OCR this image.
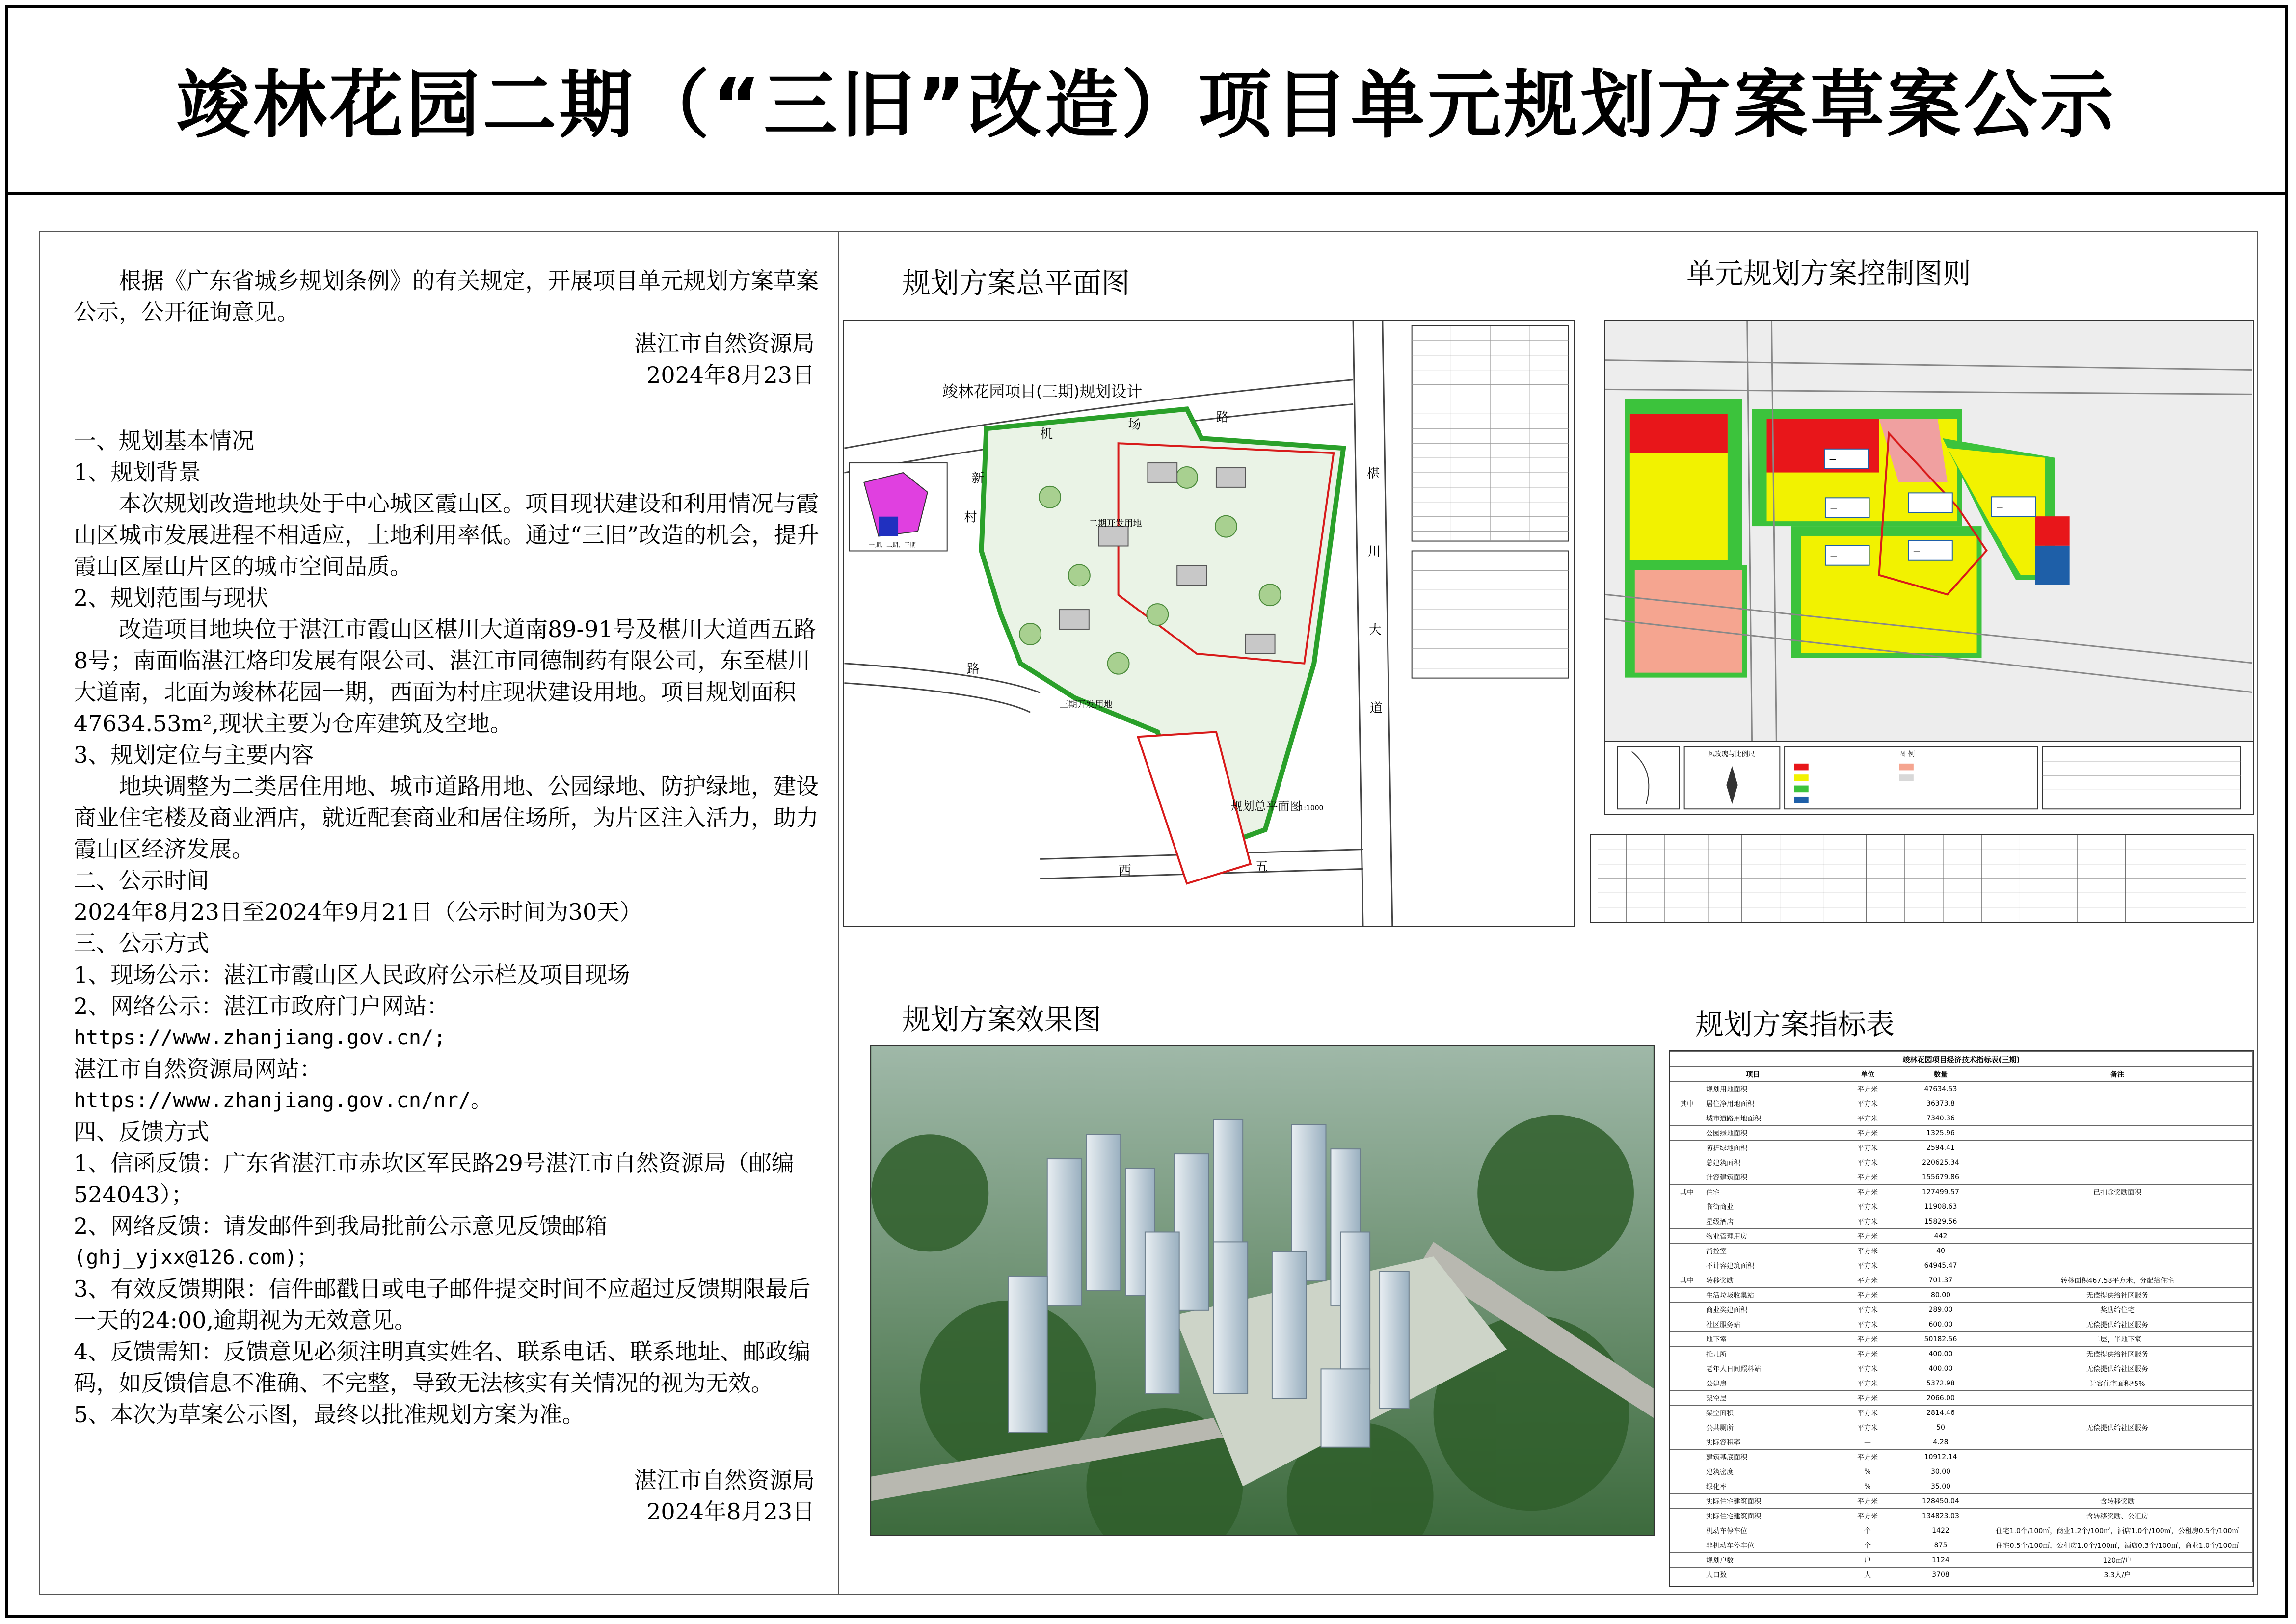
竣林花园二期（“三旧”改造）项目单元规划方案草案公示

根据《广东省城乡规划条例》的有关规定，开展项目单元规划方案草案公示，公开征询意见。

湛江市自然资源局

2024年8月23日

一、规划基本情况

1、规划背景

本次规划改造地块处于中心城区霞山区。项目现状建设和利用情况与霞山区城市发展进程不相适应，土地利用率低。通过“三旧”改造的机会，提升霞山区屋山片区的城市空间品质。

2、规划范围与现状

改造项目地块位于湛江市霞山区椹川大道南89-91号及椹川大道西五路8号；南面临湛江烙印发展有限公司、湛江市同德制药有限公司，东至椹川大道南，北面为竣林花园一期，西面为村庄现状建设用地。项目规划面积47634.53m²,现状主要为仓库建筑及空地。

3、规划定位与主要内容

地块调整为二类居住用地、城市道路用地、公园绿地、防护绿地，建设商业住宅楼及商业酒店，就近配套商业和居住场所，为片区注入活力，助力霞山区经济发展。

二、公示时间

2024年8月23日至2024年9月21日（公示时间为30天）

三、公示方式

1、现场公示：湛江市霞山区人民政府公示栏及项目现场

2、网络公示：湛江市政府门户网站：

https://www.zhanjiang.gov.cn/;

湛江市自然资源局网站：

https://www.zhanjiang.gov.cn/nr/。

四、反馈方式

1、信函反馈：广东省湛江市赤坎区军民路29号湛江市自然资源局（邮编524043）；

2、网络反馈：请发邮件到我局批前公示意见反馈邮箱

(ghj_yjxx@126.com)；

3、有效反馈期限：信件邮戳日或电子邮件提交时间不应超过反馈期限最后一天的24:00,逾期视为无效意见。

4、反馈需知：反馈意见必须注明真实姓名、联系电话、联系地址、邮政编码，如反馈信息不准确、不完整，导致无法核实有关情况的视为无效。

5、本次为草案公示图，最终以批准规划方案为准。

湛江市自然资源局

2024年8月23日

规划方案总平面图	单元规划方案控制图则
规划方案效果图	规划方案指标表
竣林花园项目(三期)规划设计
规划总平面图
1:1000
三期开发用地
二期开发用地
一期、二期、三期
机
场	路
椹
川
大
道
西	五
新
村
路
—
—
—	—
—
—
风玫瑰与比例尺	图 例
竣林花园项目经济技术指标表(三期)				
项目		单位	数量	备注
	规划用地面积	平方米	47634.53	
其中	居住净用地面积	平方米	36373.8	
	城市道路用地面积	平方米	7340.36	
	公园绿地面积	平方米	1325.96	
	防护绿地面积	平方米	2594.41	
	总建筑面积	平方米	220625.34	
	计容建筑面积	平方米	155679.86	
其中	住宅	平方米	127499.57	已扣除奖励面积
	临街商业	平方米	11908.63	
	星级酒店	平方米	15829.56	
	物业管理用房	平方米	442	
	消控室	平方米	40	
	不计容建筑面积	平方米	64945.47	
其中	转移奖励	平方米	701.37	转移面积467.58平方米，分配给住宅
	生活垃圾收集站	平方米	80.00	无偿提供给社区服务
	商业奖建面积	平方米	289.00	奖励给住宅
	社区服务站	平方米	600.00	无偿提供给社区服务
	地下室	平方米	50182.56	二层，半地下室
	托儿所	平方米	400.00	无偿提供给社区服务
	老年人日间照料站	平方米	400.00	无偿提供给社区服务
	公建房	平方米	5372.98	计容住宅面积*5%
	架空层	平方米	2066.00	
	架空面积	平方米	2814.46	
	公共厕所	平方米	50	无偿提供给社区服务
	实际容积率	—	4.28	
	建筑基底面积	平方米	10912.14	
	建筑密度	%	30.00	
	绿化率	%	35.00	
	实际住宅建筑面积	平方米	128450.04	含转移奖励
	实际住宅建筑面积	平方米	134823.03	含转移奖励、公租房
	机动车停车位	个	1422	住宅1.0个/100㎡，商业1.2个/100㎡，酒店1.0个/100㎡，公租房0.5个/100㎡
	非机动车停车位	个	875	住宅0.5个/100㎡，公租房1.0个/100㎡，酒店0.3个/100㎡，商业1.0个/100㎡
	规划户数	户	1124	120㎡/户
	人口数	人	3708	3.3人/户
